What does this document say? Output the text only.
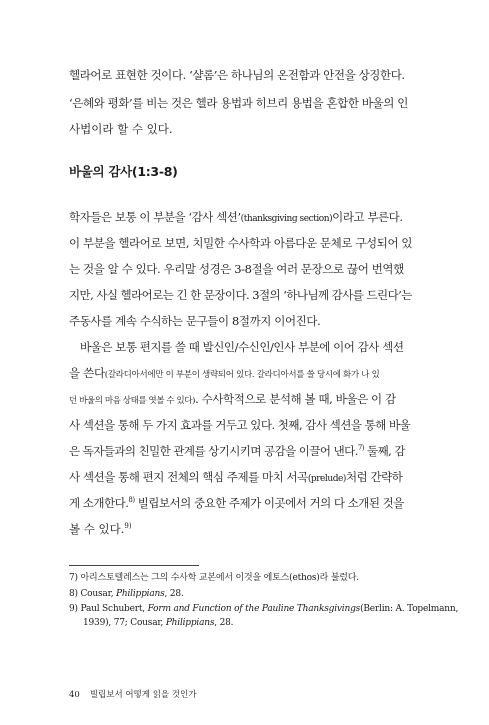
헬라어로 표현한 것이다. ‘샬롬’은 하나님의 온전함과 안전을 상징한다.
‘은혜와 평화’를 비는 것은 헬라 용법과 히브리 용법을 혼합한 바울의 인
사법이라 할 수 있다.
바울의 감사(1:3-8)
학자들은 보통 이 부분을 ‘감사 섹션’(thanksgiving section)이라고 부른다.
이 부분을 헬라어로 보면, 치밀한 수사학과 아름다운 문체로 구성되어 있
는 것을 알 수 있다. 우리말 성경은 3-8절을 여러 문장으로 끊어 번역했
지만, 사실 헬라어로는 긴 한 문장이다. 3절의 ‘하나님께 감사를 드린다’는
주동사를 계속 수식하는 문구들이 8절까지 이어진다.
바울은 보통 편지를 쓸 때 발신인/수신인/인사 부분에 이어 감사 섹션
을 쓴다(갈라디아서에만 이 부분이 생략되어 있다. 갈라디아서를 쓸 당시에 화가 나 있
던 바울의 마음 상태를 엿볼 수 있다). 수사학적으로 분석해 볼 때, 바울은 이 감
사 섹션을 통해 두 가지 효과를 거두고 있다. 첫째, 감사 섹션을 통해 바울
은 독자들과의 친밀한 관계를 상기시키며 공감을 이끌어 낸다.$^{7)}$ 둘째, 감
사 섹션을 통해 편지 전체의 핵심 주제를 마치 서곡(prelude)처럼 간략하
게 소개한다.$^{8)}$ 빌립보서의 중요한 주제가 이곳에서 거의 다 소개된 것을
볼 수 있다.$^{9)}$
7) 아리스토텔레스는 그의 수사학 교본에서 이것을 에토스(ethos)라 불렀다.
8) Cousar, Philippians, 28.
9) Paul Schubert, Form and Function of the Pauline Thanksgivings(Berlin: A. Topelmann,
1939), 77; Cousar, Philippians, 28.
40 빌립보서 어떻게 읽을 것인가
